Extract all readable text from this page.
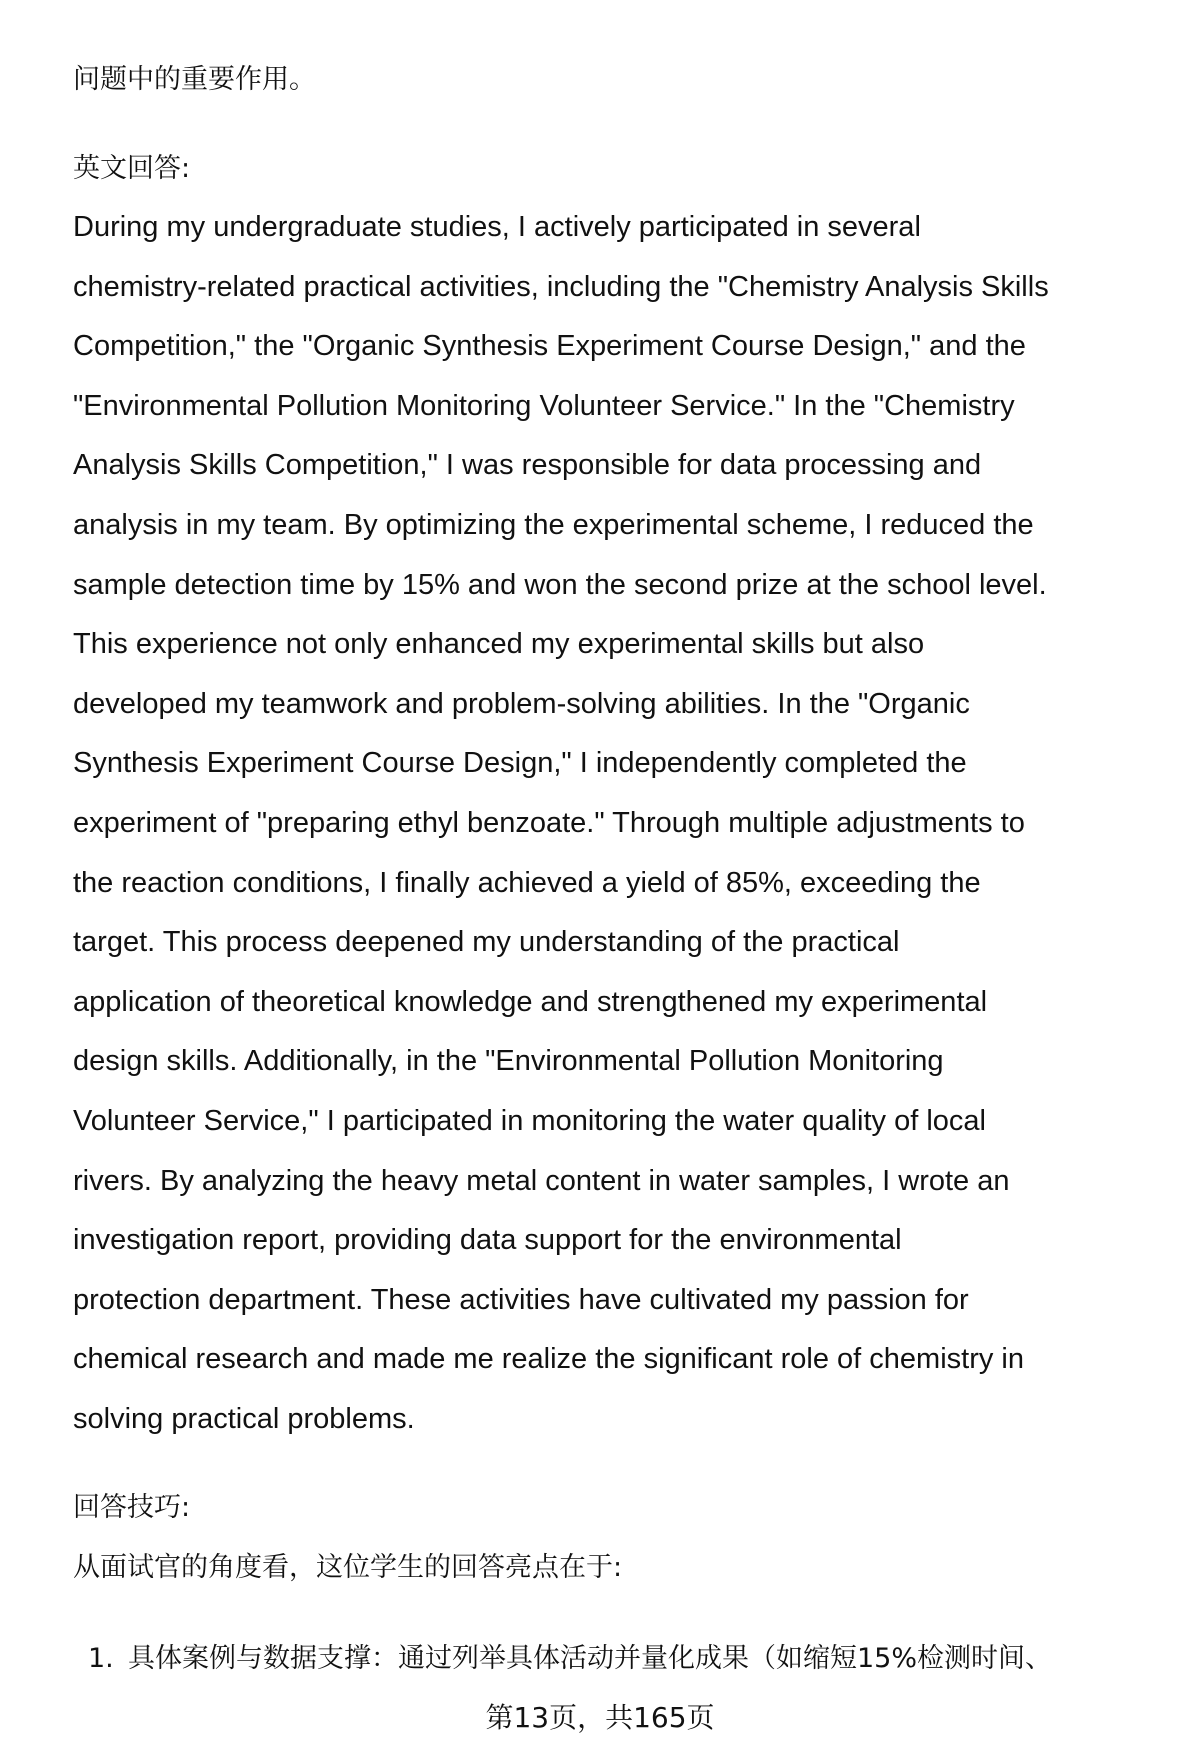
问题中的重要作用。
英文回答:
During my undergraduate studies, I actively participated in several
chemistry-related practical activities, including the "Chemistry Analysis Skills
Competition," the "Organic Synthesis Experiment Course Design," and the
"Environmental Pollution Monitoring Volunteer Service." In the "Chemistry
Analysis Skills Competition," I was responsible for data processing and
analysis in my team. By optimizing the experimental scheme, I reduced the
sample detection time by 15% and won the second prize at the school level.
This experience not only enhanced my experimental skills but also
developed my teamwork and problem-solving abilities. In the "Organic
Synthesis Experiment Course Design," I independently completed the
experiment of "preparing ethyl benzoate." Through multiple adjustments to
the reaction conditions, I finally achieved a yield of 85%, exceeding the
target. This process deepened my understanding of the practical
application of theoretical knowledge and strengthened my experimental
design skills. Additionally, in the "Environmental Pollution Monitoring
Volunteer Service," I participated in monitoring the water quality of local
rivers. By analyzing the heavy metal content in water samples, I wrote an
investigation report, providing data support for the environmental
protection department. These activities have cultivated my passion for
chemical research and made me realize the significant role of chemistry in
solving practical problems.
回答技巧:
从面试官的角度看，这位学生的回答亮点在于:
1. 具体案例与数据支撑：通过列举具体活动并量化成果（如缩短15%检测时间、
第13页，共165页
